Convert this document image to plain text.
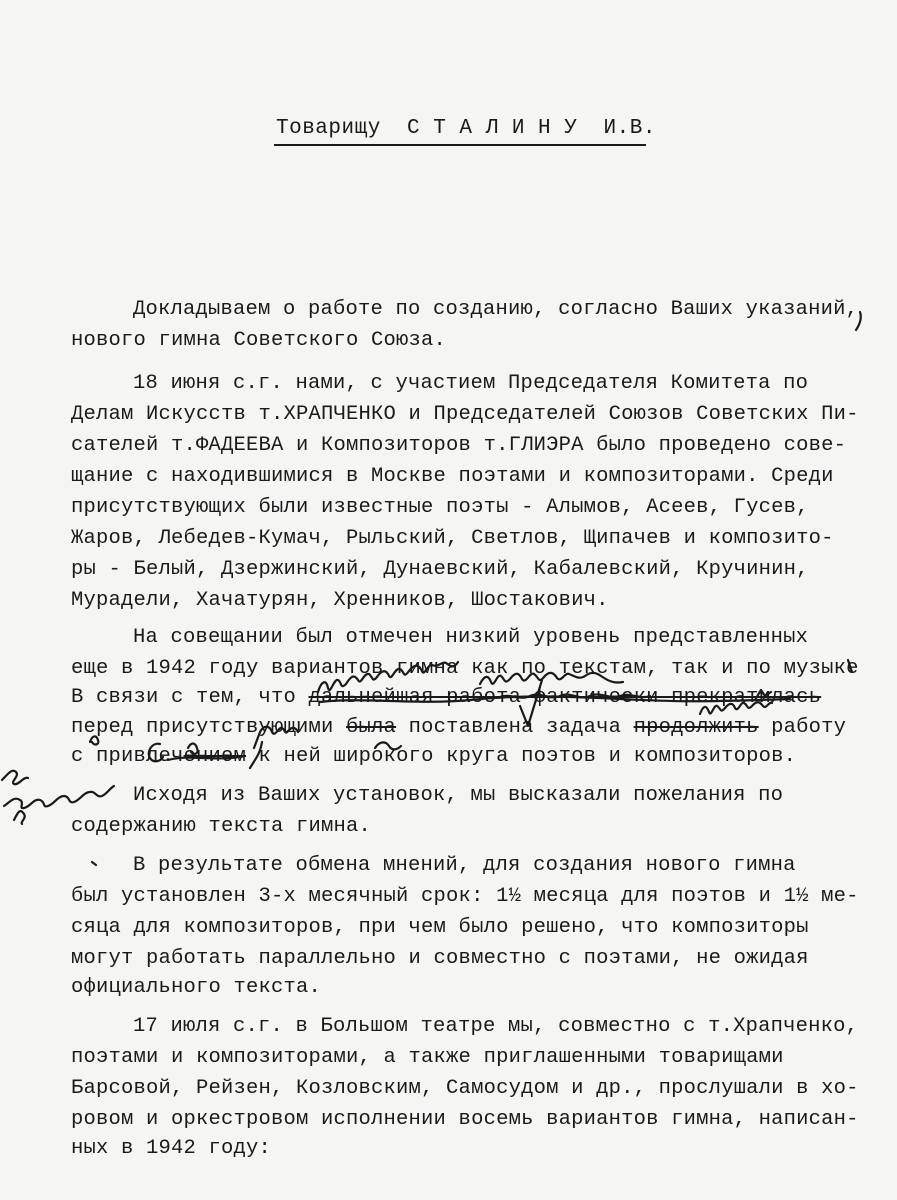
Товарищу  С Т А Л И Н У  И.В.
Докладываем о работе по созданию, согласно Ваших указаний,
нового гимна Советского Союза.
18 июня с.г. нами, с участием Председателя Комитета по
Делам Искусств т.ХРАПЧЕНКО и Председателей Союзов Советских Пи-
сателей т.ФАДЕЕВА и Композиторов т.ГЛИЭРА было проведено сове-
щание с находившимися в Москве поэтами и композиторами. Среди
присутствующих были известные поэты - Алымов, Асеев, Гусев,
Жаров, Лебедев-Кумач, Рыльский, Светлов, Щипачев и композито-
ры - Белый, Дзержинский, Дунаевский, Кабалевский, Кручинин,
Мурадели, Хачатурян, Хренников, Шостакович.
На совещании был отмечен низкий уровень представленных
еще в 1942 году вариантов гимна как по текстам, так и по музыке
В связи с тем, что дальнейшая работа фактически прекратилась
перед присутствующими была поставлена задача продолжить работу
с привлечением к ней широкого круга поэтов и композиторов.
Исходя из Ваших установок, мы высказали пожелания по
содержанию текста гимна.
В результате обмена мнений, для создания нового гимна
был установлен 3-х месячный срок: 1½ месяца для поэтов и 1½ ме-
сяца для композиторов, при чем было решено, что композиторы
могут работать параллельно и совместно с поэтами, не ожидая
официального текста.
17 июля с.г. в Большом театре мы, совместно с т.Храпченко,
поэтами и композиторами, а также приглашенными товарищами
Барсовой, Рейзен, Козловским, Самосудом и др., прослушали в хо-
ровом и оркестровом исполнении восемь вариантов гимна, написан-
ных в 1942 году:
